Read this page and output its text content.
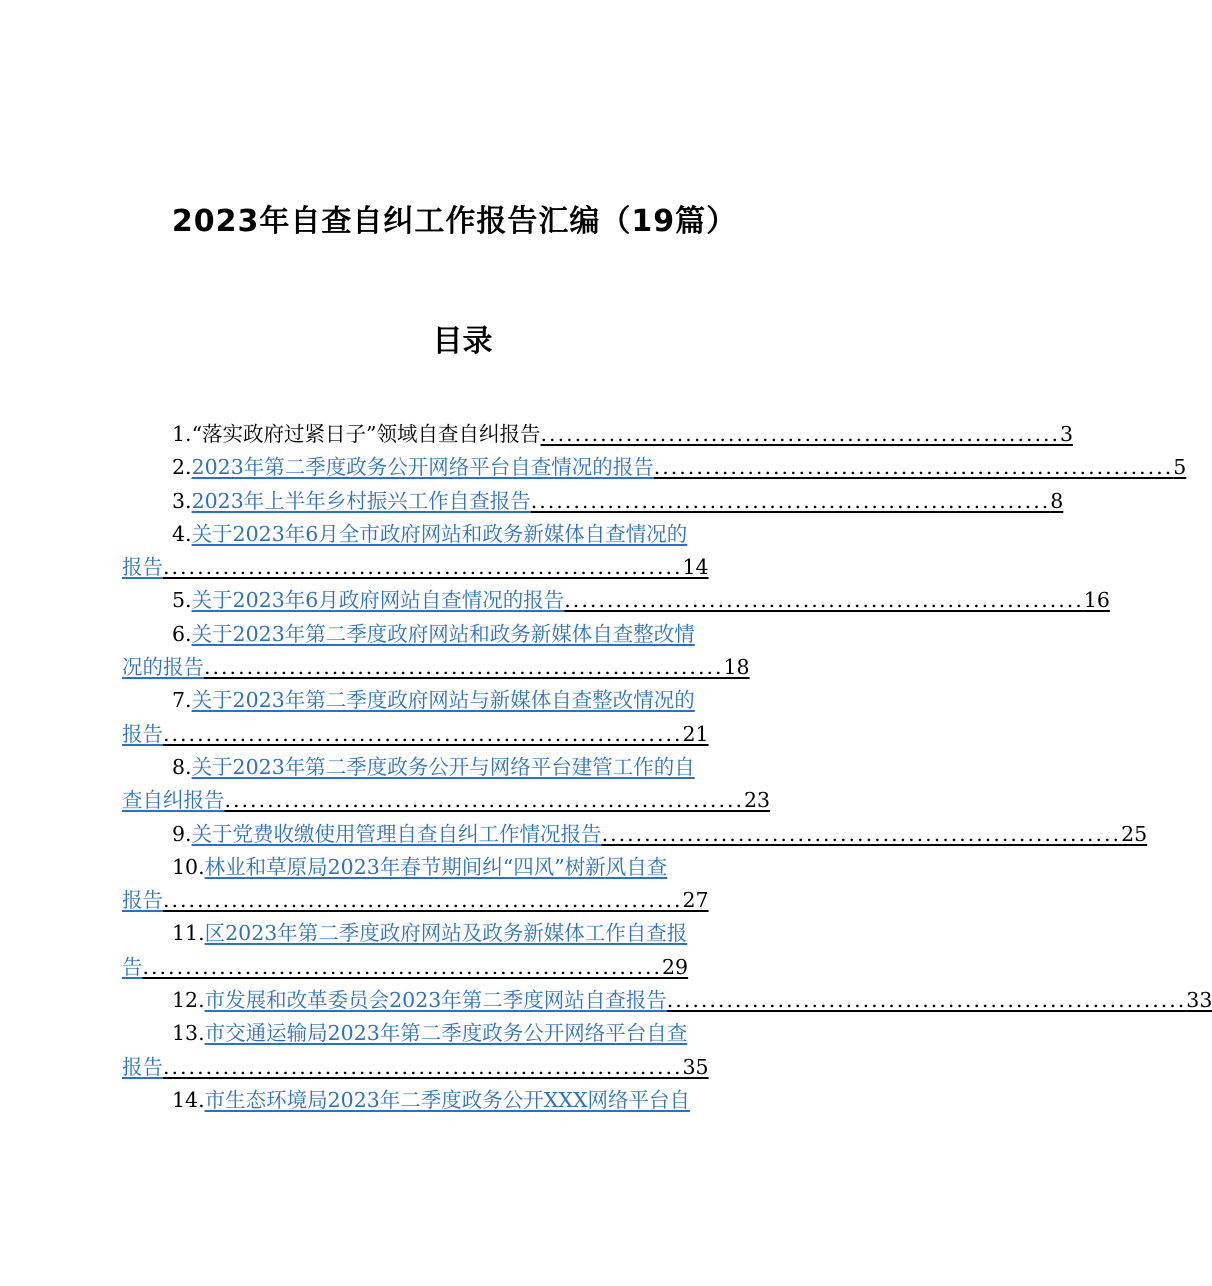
2023年自查自纠工作报告汇编（19篇）
目录
1.“落实政府过紧日子”领域自查自纠报告.............................................................3
2.2023年第二季度政务公开网络平台自查情况的报告.............................................................5
3.2023年上半年乡村振兴工作自查报告.............................................................8
4.关于2023年6月全市政府网站和政务新媒体自查情况的
报告.............................................................14
5.关于2023年6月政府网站自查情况的报告.............................................................16
6.关于2023年第二季度政府网站和政务新媒体自查整改情
况的报告.............................................................18
7.关于2023年第二季度政府网站与新媒体自查整改情况的
报告.............................................................21
8.关于2023年第二季度政务公开与网络平台建管工作的自
查自纠报告.............................................................23
9.关于党费收缴使用管理自查自纠工作情况报告.............................................................25
10.林业和草原局2023年春节期间纠“四风”树新风自查
报告.............................................................27
11.区2023年第二季度政府网站及政务新媒体工作自查报
告.............................................................29
12.市发展和改革委员会2023年第二季度网站自查报告.............................................................33
13.市交通运输局2023年第二季度政务公开网络平台自查
报告.............................................................35
14.市生态环境局2023年二季度政务公开XXX网络平台自
